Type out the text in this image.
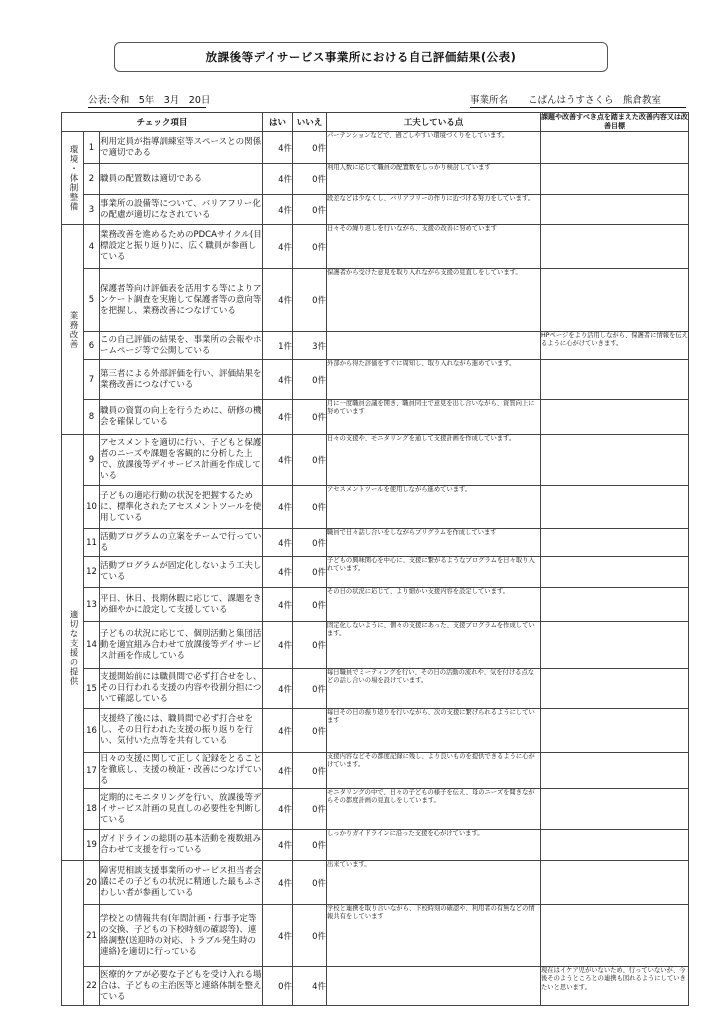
放課後等デイサービス事業所における自己評価結果(公表)
公表:令和　5年　3月　20日	事業所名 こぱんはうすさくら　熊倉教室
チェック項目			はい	いいえ	工夫している点	課題や改善すべき点を踏まえた改善内容又は改善目標
環境・体制整備	1	利用定員が指導訓練室等スペースとの関係で適切である	4件	0件	パーテンションなどで、過ごしやすい環境づくりをしています。	
	2	職員の配置数は適切である	4件	0件	利用人数に応じて職員の配置数をしっかり検討しています	
	3	事業所の設備等について、バリアフリー化の配慮が適切になされている	4件	0件	段差などは少なくし、バリアフリーの作りに近づける努力をしています。	
業務改善	4	業務改善を進めるためのPDCAサイクル(目標設定と振り返り)に、広く職員が参画している	4件	0件	日々その繰り返しを行いながら、支援の改善に努めています	
	5	保護者等向け評価表を活用する等によりアンケート調査を実施して保護者等の意向等を把握し、業務改善につなげている	4件	0件	保護者から受けた意見を取り入れながら支援の見直しをしています。	
	6	この自己評価の結果を、事業所の会報やホームページ等で公開している	1件	3件		HPページをより活用しながら、保護者に情報を伝えるように心がけていきます。
	7	第三者による外部評価を行い、評価結果を業務改善につなげている	4件	0件	外部から得た評価をすぐに周知し、取り入れながら進めています。	
	8	職員の資質の向上を行うために、研修の機会を確保している	4件	0件	月に一度職員会議を開き、職員同士で意見を出し合いながら、資質向上に努めています	
適切な支援の提供	9	アセスメントを適切に行い、子どもと保護者のニーズや課題を客観的に分析した上で、放課後等デイサービス計画を作成している	4件	0件	日々の支援や、モニタリングを通して支援計画を作成しています。	
	10	子どもの適応行動の状況を把握するために、標準化されたアセスメントツールを使用している	4件	0件	アセスメントツールを使用しながら進めています。	
	11	活動プログラムの立案をチームで行っている	4件	0件	職員で日々話し合いをしながらプリグラムを作成しています	
	12	活動プログラムが固定化しないよう工夫している	4件	0件	子どもの興味関心を中心に、支援に繋がるようなプログラムを日々取り入れています。	
	13	平日、休日、長期休暇に応じて、課題をきめ細やかに設定して支援している	4件	0件	その日の状況に応じて、より細かい支援内容を設定しています。	
	14	子どもの状況に応じて、個別活動と集団活動を適宜組み合わせて放課後等デイサービス計画を作成している	4件	0件	固定化しないように、個々の支援にあった、支援プログラムを作成しています。	
	15	支援開始前には職員間で必ず打合せをし、その日行われる支援の内容や役割分担について確認している	4件	0件	毎日職員でミーティングを行い、その日の活動の流れや、気を付ける点などの話し合いの場を設けています。	
	16	支援終了後には、職員間で必ず打合せをし、その日行われた支援の振り返りを行い、気付いた点等を共有している	4件	0件	毎日その日の振り返りを行いながら、次の支援に繋げられるようにしています	
	17	日々の支援に関して正しく記録をとることを徹底し、支援の検証・改善につなげている	4件	0件	支援内容などその都度記録に残し、より良いものを提供できるように心がけています。	
	18	定期的にモニタリングを行い、放課後等デイサービス計画の見直しの必要性を判断している	4件	0件	モニタリングの中で、日々の子どもの様子を伝え、母のニーズを聞きながらその都度計画の見直しをしています。	
	19	ガイドラインの総則の基本活動を複数組み合わせて支援を行っている	4件	0件	しっかりガイドラインに沿った支援を心がけています。	
	20	障害児相談支援事業所のサービス担当者会議にその子どもの状況に精通した最もふさわしい者が参画している	4件	0件	出来ています。	
	21	学校との情報共有(年間計画・行事予定等の交換、子どもの下校時刻の確認等)、連絡調整(送迎時の対応、トラブル発生時の連絡)を適切に行っている	4件	0件	学校と連携を取り合いながら、下校時刻の確認や、利用者の有無などの情報共有をしています	
	22	医療的ケアが必要な子どもを受け入れる場合は、子どもの主治医等と連絡体制を整えている	0件	4件		現在はイケア児がいないため、行っていないが、今後そのようところとの連携も図れるようにしていきたいと思います。
